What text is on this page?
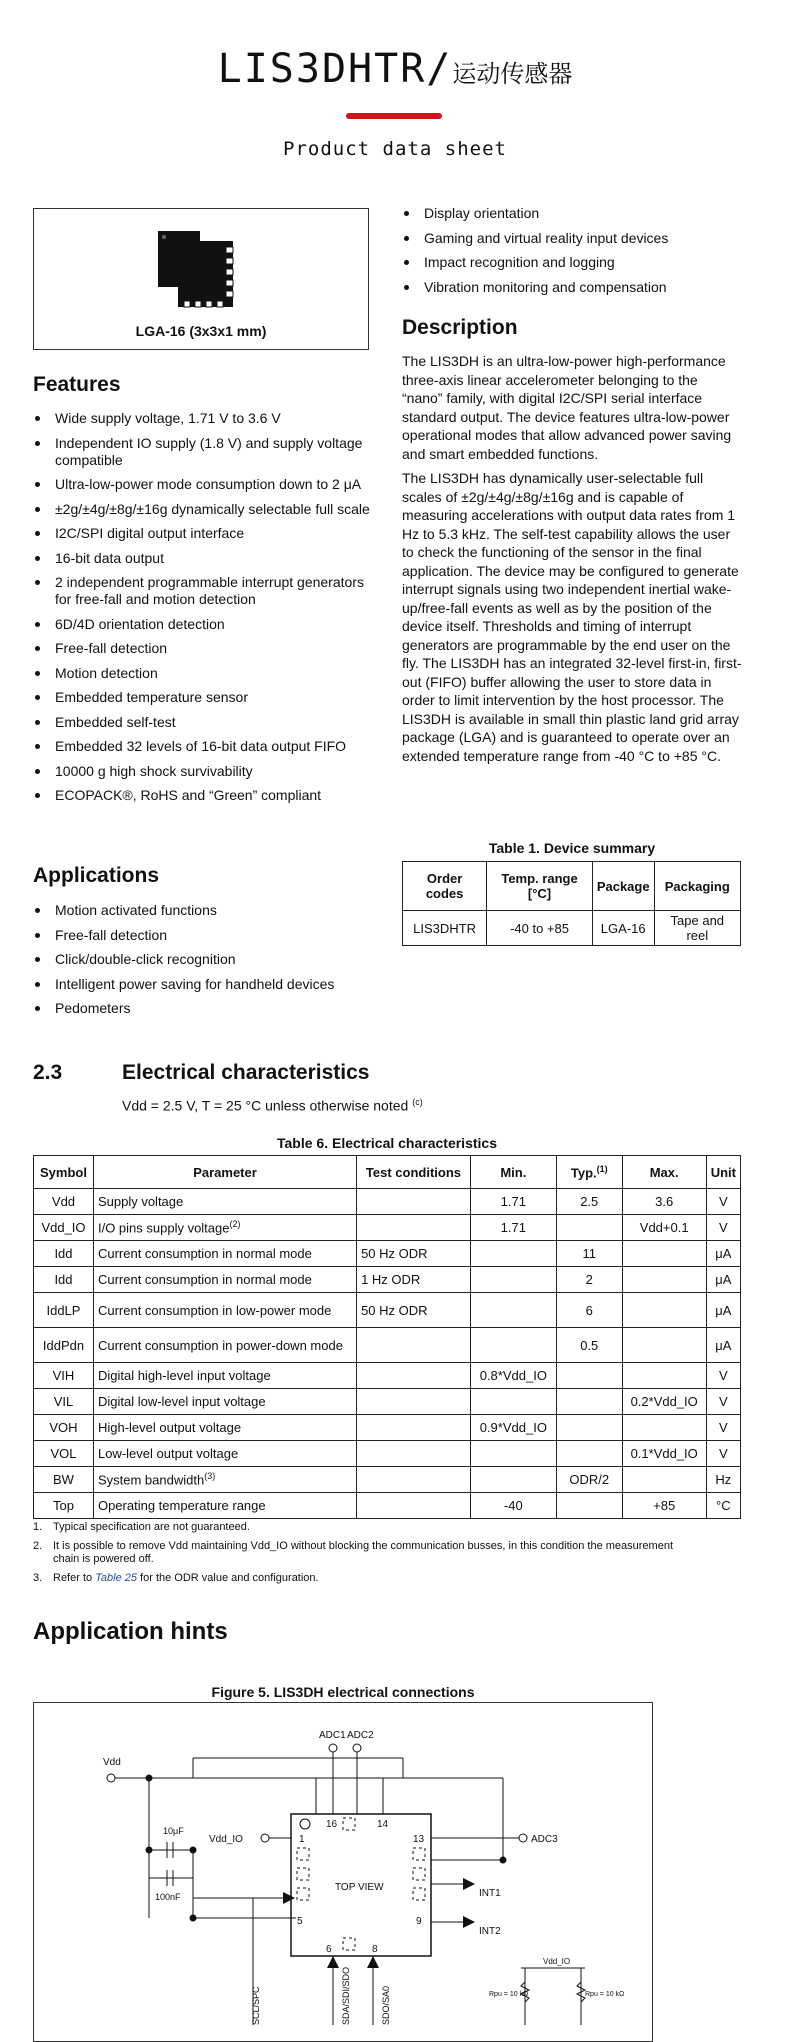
LIS3DHTR/运动传感器
Product data sheet
LGA-16 (3x3x1 mm)
Features
Wide supply voltage, 1.71 V to 3.6 V
Independent IO supply (1.8 V) and supply voltage compatible
Ultra-low-power mode consumption down to 2 μA
±2g/±4g/±8g/±16g dynamically selectable full scale
I2C/SPI digital output interface
16-bit data output
2 independent programmable interrupt generators for free-fall and motion detection
6D/4D orientation detection
Free-fall detection
Motion detection
Embedded temperature sensor
Embedded self-test
Embedded 32 levels of 16-bit data output FIFO
10000 g high shock survivability
ECOPACK®, RoHS and “Green” compliant
Applications
Motion activated functions
Free-fall detection
Click/double-click recognition
Intelligent power saving for handheld devices
Pedometers
Display orientation
Gaming and virtual reality input devices
Impact recognition and logging
Vibration monitoring and compensation
Description

The LIS3DH is an ultra-low-power high-performance three-axis linear accelerometer belonging to the “nano” family, with digital I2C/SPI serial interface standard output. The device features ultra-low-power operational modes that allow advanced power saving and smart embedded functions.

The LIS3DH has dynamically user-selectable full scales of ±2g/±4g/±8g/±16g and is capable of measuring accelerations with output data rates from 1 Hz to 5.3 kHz. The self-test capability allows the user to check the functioning of the sensor in the final application. The device may be configured to generate interrupt signals using two independent inertial wake-up/free-fall events as well as by the position of the device itself. Thresholds and timing of interrupt generators are programmable by the end user on the fly. The LIS3DH has an integrated 32-level first-in, first-out (FIFO) buffer allowing the user to store data in order to limit intervention by the host processor. The LIS3DH is available in small thin plastic land grid array package (LGA) and is guaranteed to operate over an extended temperature range from -40 °C to +85 °C.

Table 1. Device summary
Order codes	Temp. range [°C]	Package	Packaging
LIS3DHTR	-40 to +85	LGA-16	Tape and reel
2.3	Electrical characteristics
Vdd = 2.5 V, T = 25 °C unless otherwise noted $^{(c)}$
Table 6. Electrical characteristics
Symbol	Parameter	Test conditions	Min.	Typ.$^{(1)}$	Max.	Unit
Vdd	Supply voltage		1.71	2.5	3.6	V
Vdd_IO	I/O pins supply voltage$^{(2)}$		1.71		Vdd+0.1	V
Idd	Current consumption in normal mode	50 Hz ODR		11		μA
Idd	Current consumption in normal mode	1 Hz ODR		2		μA
IddLP	Current consumption in low-power mode	50 Hz ODR		6		μA
IddPdn	Current consumption in power-down mode			0.5		μA
VIH	Digital high-level input voltage		0.8*Vdd_IO			V
VIL	Digital low-level input voltage				0.2*Vdd_IO	V
VOH	High-level output voltage		0.9*Vdd_IO			V
VOL	Low-level output voltage				0.1*Vdd_IO	V
BW	System bandwidth$^{(3)}$			ODR/2		Hz
Top	Operating temperature range		-40		+85	°C
1. Typical specification are not guaranteed.
2. It is possible to remove Vdd maintaining Vdd_IO without blocking the communication busses, in this condition the measurement chain is powered off.
3. Refer to Table 25 for the ODR value and configuration.
Application hints
Figure 5. LIS3DH electrical connections
Vdd
ADC1 ADC2
ADC3
Vdd_IO
Vdd_IO
10μF
100nF
TOP VIEW
INT1
INT2
1
5
6	8
9
13
14
16
Rpu = 10 kΩ	Rpu = 10 kΩ
SCL/SPC	SDA/SDI/SDO	SDO/SA0
